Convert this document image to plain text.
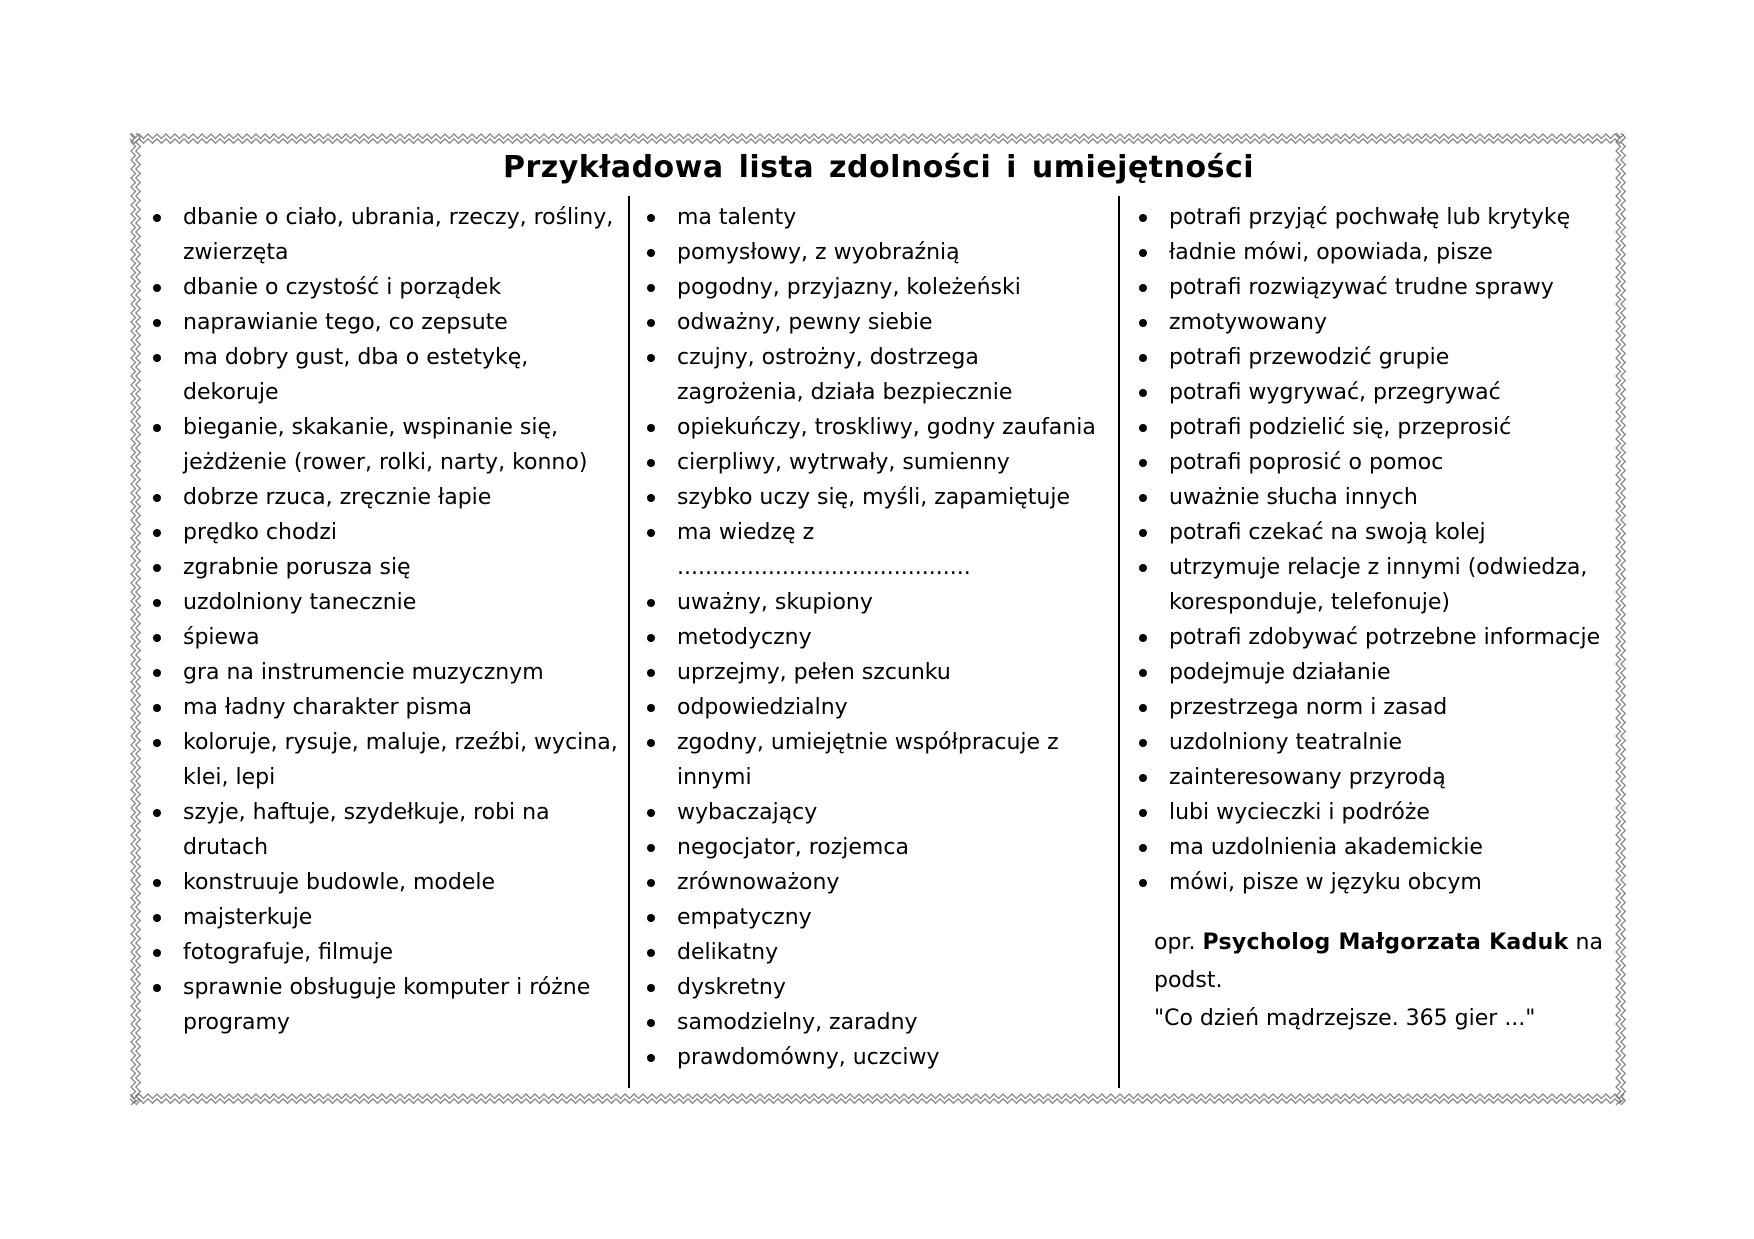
Przykładowa lista zdolności i umiejętności
dbanie o ciało, ubrania, rzeczy, rośliny, zwierzęta
dbanie o czystość i porządek
naprawianie tego, co zepsute
ma dobry gust, dba o estetykę, dekoruje
bieganie, skakanie, wspinanie się, jeżdżenie (rower, rolki, narty, konno)
dobrze rzuca, zręcznie łapie
prędko chodzi
zgrabnie porusza się
uzdolniony tanecznie
śpiewa
gra na instrumencie muzycznym
ma ładny charakter pisma
koloruje, rysuje, maluje, rzeźbi, wycina, klei, lepi
szyje, haftuje, szydełkuje, robi na drutach
konstruuje budowle, modele
majsterkuje
fotografuje, filmuje
sprawnie obsługuje komputer i różne programy
ma talenty
pomysłowy, z wyobraźnią
pogodny, przyjazny, koleżeński
odważny, pewny siebie
czujny, ostrożny, dostrzega zagrożenia, działa bezpiecznie
opiekuńczy, troskliwy, godny zaufania
cierpliwy, wytrwały, sumienny
szybko uczy się, myśli, zapamiętuje
ma wiedzę z ..........................................
uważny, skupiony
metodyczny
uprzejmy, pełen szcunku
odpowiedzialny
zgodny, umiejętnie współpracuje z innymi
wybaczający
negocjator, rozjemca
zrównoważony
empatyczny
delikatny
dyskretny
samodzielny, zaradny
prawdomówny, uczciwy
potrafi przyjąć pochwałę lub krytykę
ładnie mówi, opowiada, pisze
potrafi rozwiązywać trudne sprawy
zmotywowany
potrafi przewodzić grupie
potrafi wygrywać, przegrywać
potrafi podzielić się, przeprosić
potrafi poprosić o pomoc
uważnie słucha innych
potrafi czekać na swoją kolej
utrzymuje relacje z innymi (odwiedza, koresponduje, telefonuje)
potrafi zdobywać potrzebne informacje
podejmuje działanie
przestrzega norm i zasad
uzdolniony teatralnie
zainteresowany przyrodą
lubi wycieczki i podróże
ma uzdolnienia akademickie
mówi, pisze w języku obcym
opr. Psycholog Małgorzata Kaduk na podst.
"Co dzień mądrzejsze. 365 gier ..."
